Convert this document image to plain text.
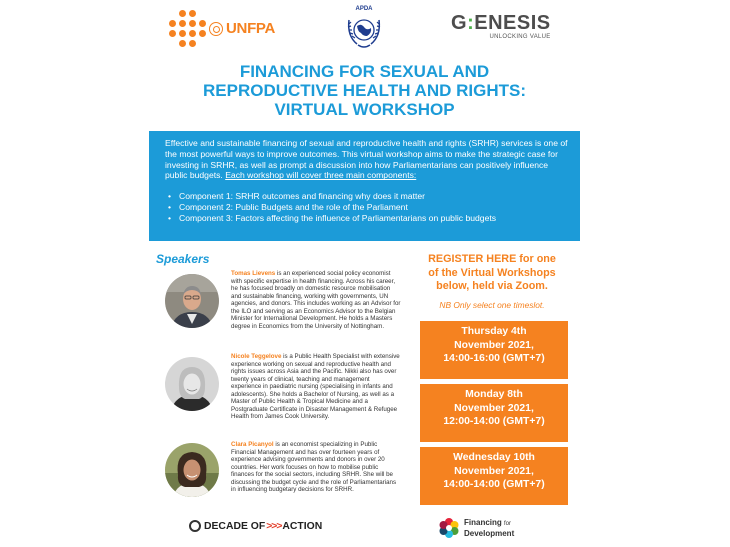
UNFPA
APDA
G:ENESIS
UNLOCKING VALUE
FINANCING FOR SEXUAL AND
REPRODUCTIVE HEALTH AND RIGHTS:
VIRTUAL WORKSHOP

Effective and sustainable financing of sexual and reproductive health and rights (SRHR) services is one of the most powerful ways to improve outcomes. This virtual workshop aims to make the strategic case for investing in SRHR, as well as prompt a discussion into how Parliamentarians can positively influence public budgets. Each workshop will cover three main components:

• Component 1: SRHR outcomes and financing why does it matter
• Component 2: Public Budgets and the role of the Parliament
• Component 3: Factors affecting the influence of Parliamentarians on public budgets
Speakers

Tomas Lievens is an experienced social policy economist with specific expertise in health financing. Across his career, he has focused broadly on domestic resource mobilisation and sustainable financing, working with governments, UN agencies, and donors. This includes working as an Advisor for the ILO and serving as an Economics Advisor to the Belgian Minister for International Development. He holds a Masters degree in Economics from the University of Nottingham.

Nicole Teggelove is a Public Health Specialist with extensive experience working on sexual and reproductive health and rights issues across Asia and the Pacific. Nikki also has over twenty years of clinical, teaching and management experience in paediatric nursing (specialising in infants and adolescents). She holds a Bachelor of Nursing, as well as a Master of Public Health & Tropical Medicine and a Postgraduate Certificate in Disaster Management & Refugee Health from James Cook University.

Clara Picanyol is an economist specializing in Public Financial Management and has over fourteen years of experience advising governments and donors in over 20 countries. Her work focuses on how to mobilise public finances for the social sectors, including SRHR. She will be discussing the budget cycle and the role of Parliamentarians in influencing budgetary decisions for SRHR.

REGISTER HERE for one
of the Virtual Workshops
below, held via Zoom.
NB Only select one timeslot.
Thursday 4th
November 2021,
14:00-16:00 (GMT+7)
Monday 8th
November 2021,
12:00-14:00 (GMT+7)
Wednesday 10th
November 2021,
14:00-14:00 (GMT+7)
DECADE OF >>> ACTION	Financing for
Development
